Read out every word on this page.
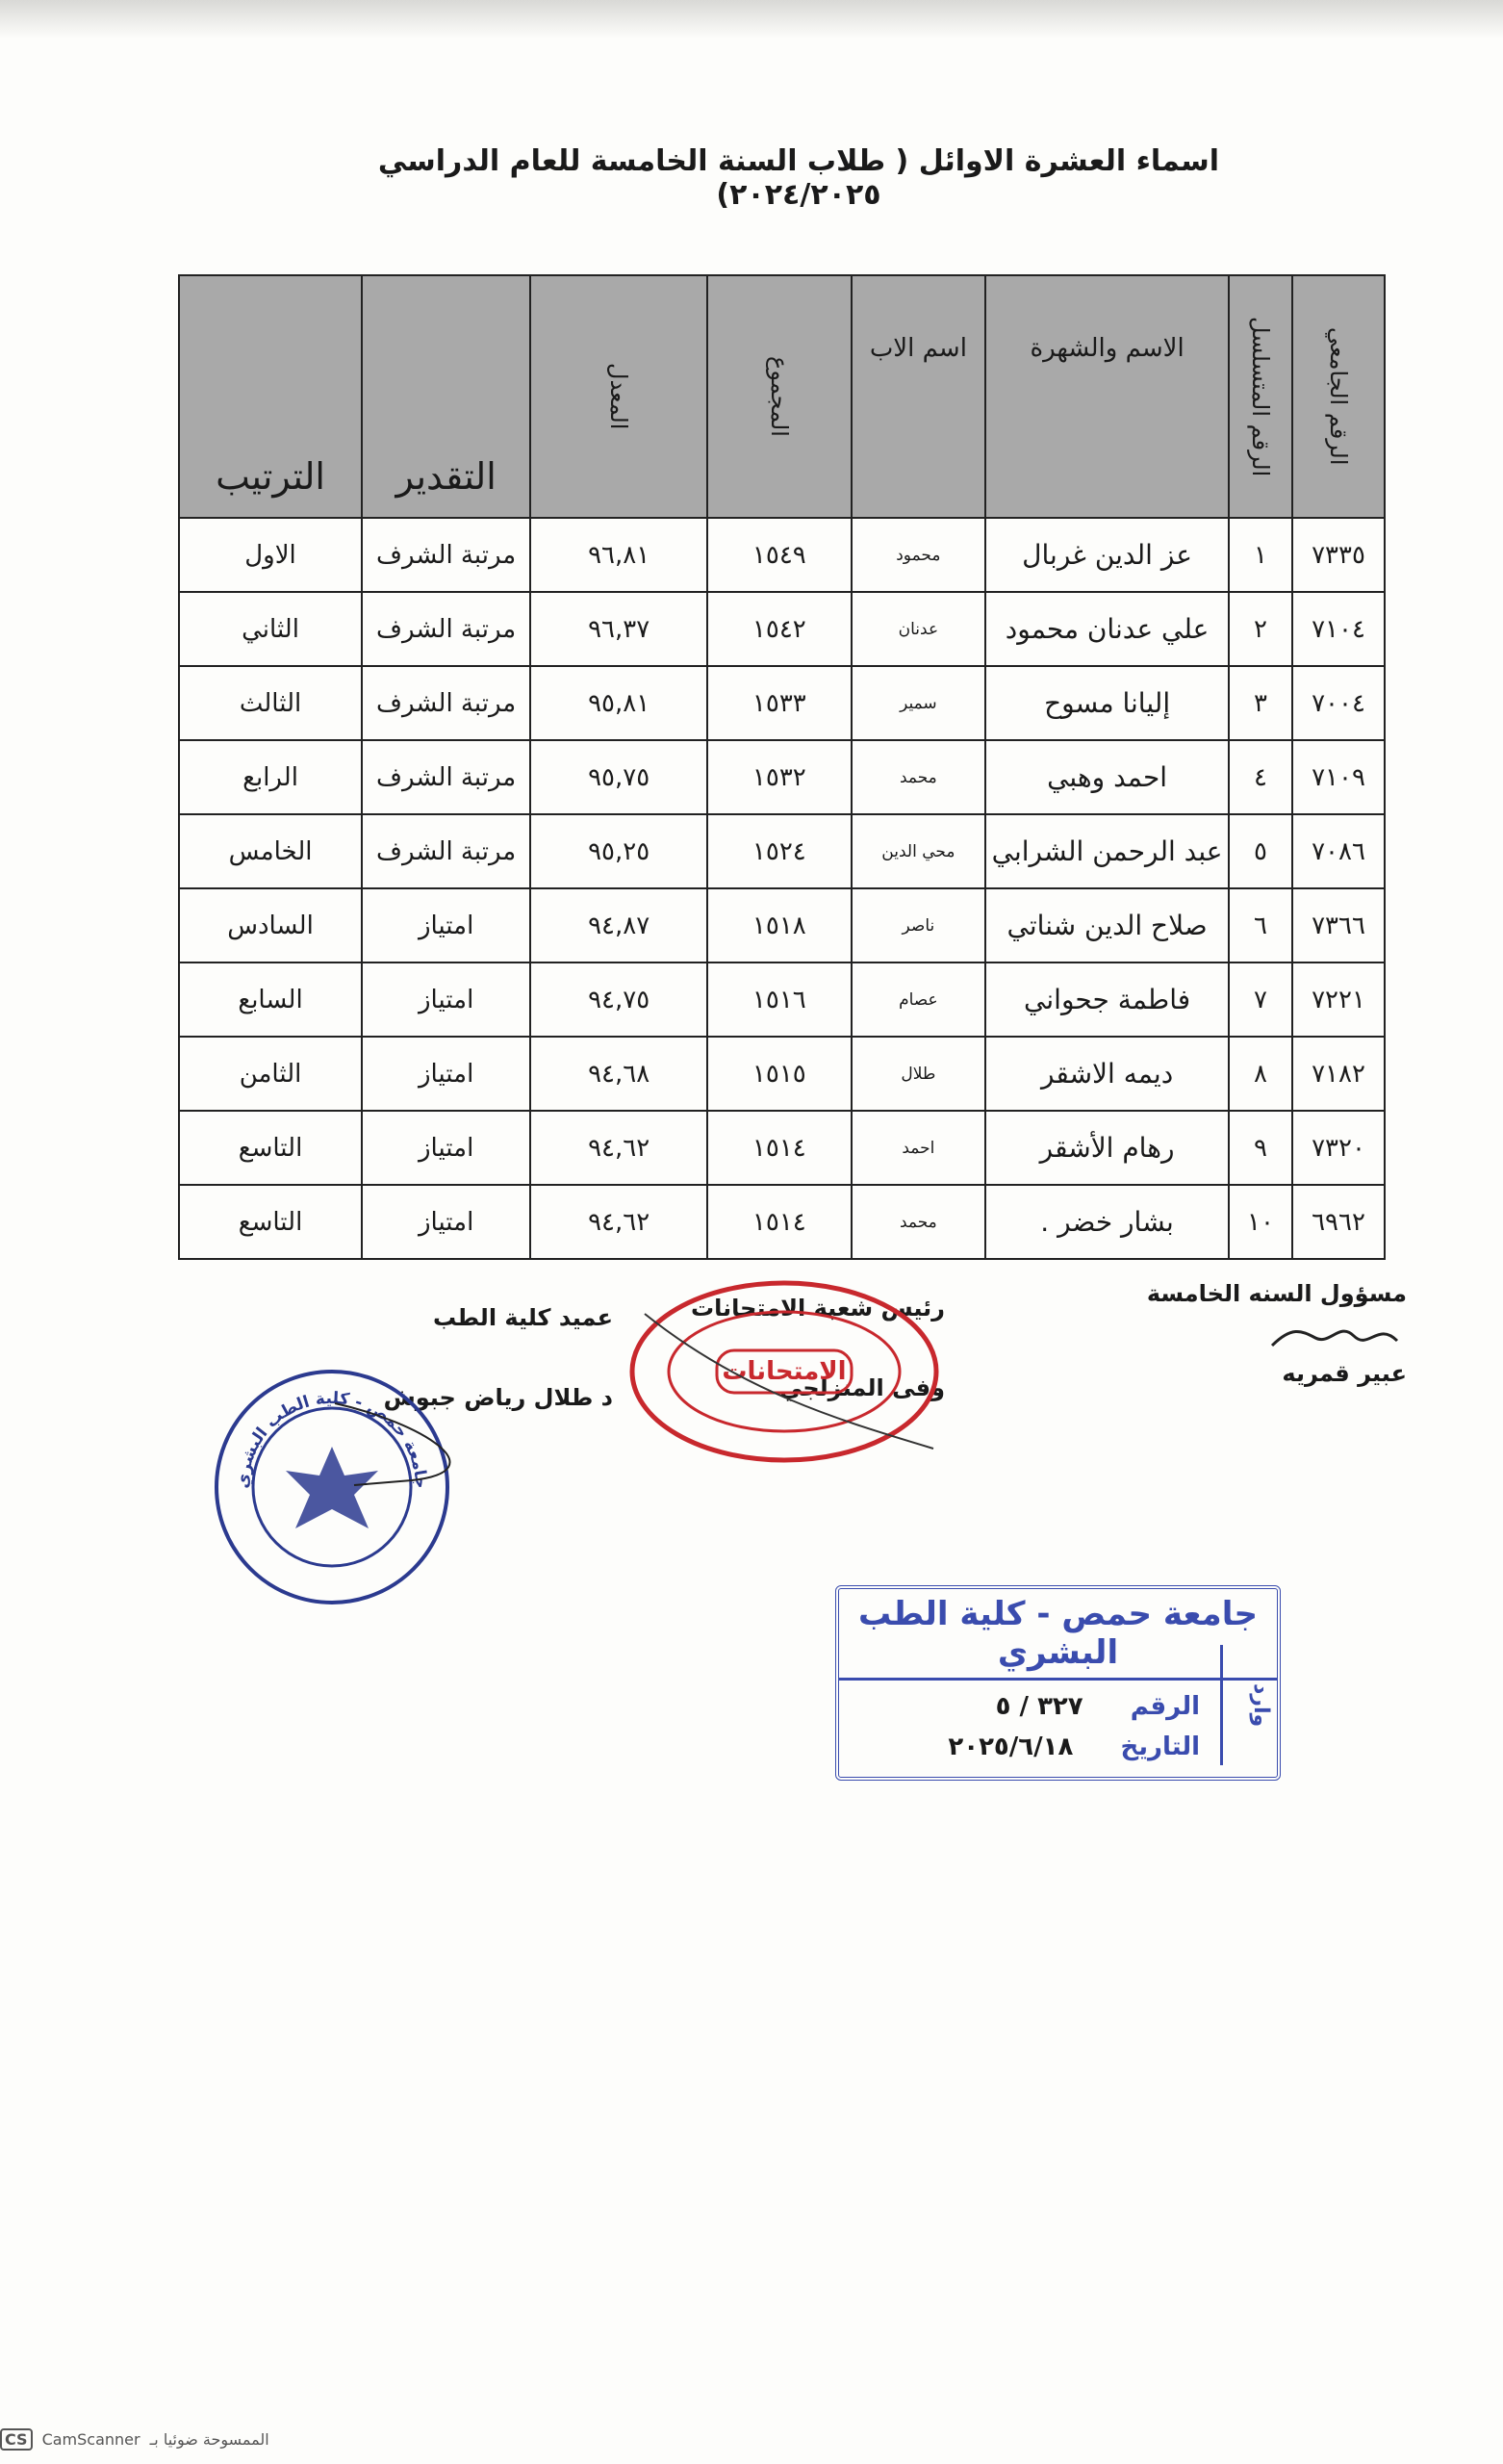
اسماء العشرة الاوائل ( طلاب السنة الخامسة للعام الدراسي ٢٠٢٤/٢٠٢٥)
الرقم الجامعي	الرقم المتسلسل	الاسم والشهرة	اسم الاب	المجموع	المعدل	التقدير	الترتيب

٧٣٣٥	١	عز الدين غربال	محمود	١٥٤٩	٩٦,٨١	مرتبة الشرف	الاول
٧١٠٤	٢	علي عدنان محمود	عدنان	١٥٤٢	٩٦,٣٧	مرتبة الشرف	الثاني
٧٠٠٤	٣	إليانا مسوح	سمير	١٥٣٣	٩٥,٨١	مرتبة الشرف	الثالث
٧١٠٩	٤	احمد وهبي	محمد	١٥٣٢	٩٥,٧٥	مرتبة الشرف	الرابع
٧٠٨٦	٥	عبد الرحمن الشرابي	محي الدين	١٥٢٤	٩٥,٢٥	مرتبة الشرف	الخامس
٧٣٦٦	٦	صلاح الدين شناتي	ناصر	١٥١٨	٩٤,٨٧	امتياز	السادس
٧٢٢١	٧	فاطمة جحواني	عصام	١٥١٦	٩٤,٧٥	امتياز	السابع
٧١٨٢	٨	ديمه الاشقر	طلال	١٥١٥	٩٤,٦٨	امتياز	الثامن
٧٣٢٠	٩	رهام الأشقر	احمد	١٥١٤	٩٤,٦٢	امتياز	التاسع
٦٩٦٢	١٠	بشار خضر .	محمد	١٥١٤	٩٤,٦٢	امتياز	التاسع
مسؤول السنه الخامسة
عبير قمريه
رئيس شعبة الامتحانات
وفى المنزلجي
عميد كلية الطب
د طلال رياض جبوش
الامتحانات
جامعة حمص - كلية الطب البشري
جامعة حمص - كلية الطب البشري
وارد
الرقم ٣٢٧ / ٥
التاريخ ٢٠٢٥/٦/١٨
CS CamScanner الممسوحة ضوئيا بـ
